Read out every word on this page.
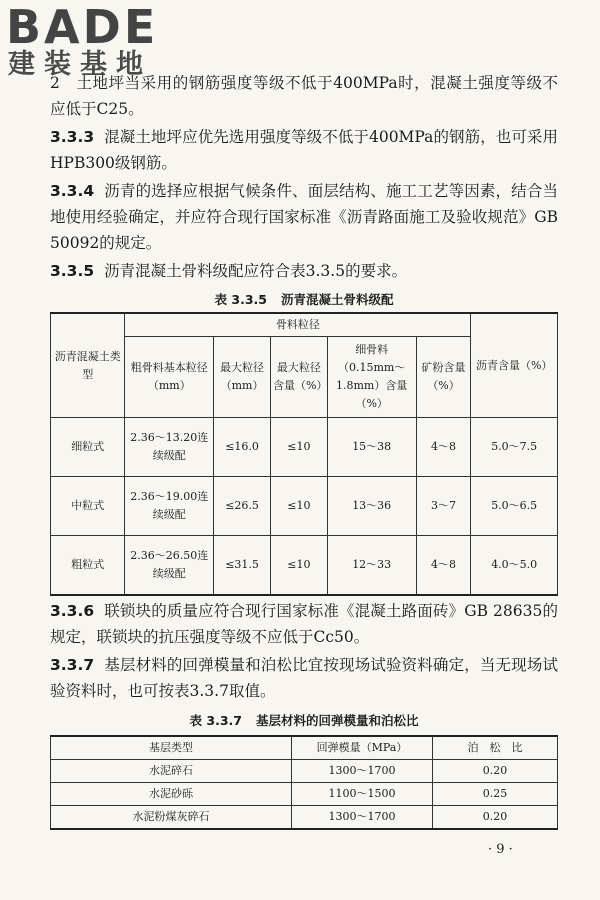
BADE
建装基地

2　土地坪当采用的钢筋强度等级不低于400MPa时，混凝土强度等级不应低于C25。

3.3.3 混凝土地坪应优先选用强度等级不低于400MPa的钢筋，也可采用HPB300级钢筋。

3.3.4 沥青的选择应根据气候条件、面层结构、施工工艺等因素，结合当地使用经验确定，并应符合现行国家标准《沥青路面施工及验收规范》GB 50092的规定。

3.3.5 沥青混凝土骨料级配应符合表3.3.5的要求。

表 3.3.5 沥青混凝土骨料级配
沥青混凝土类型	骨料粒径					沥青含量（%）
	粗骨料基本粒径（mm）	最大粒径（mm）	最大粒径含量（%）	细骨料（0.15mm～1.8mm）含量（%）	矿粉含量（%）	
细粒式	2.36～13.20连续级配	≤16.0	≤10	15～38	4～8	5.0～7.5
中粒式	2.36～19.00连续级配	≤26.5	≤10	13～36	3～7	5.0～6.5
粗粒式	2.36～26.50连续级配	≤31.5	≤10	12～33	4～8	4.0～5.0

3.3.6 联锁块的质量应符合现行国家标准《混凝土路面砖》GB 28635的规定，联锁块的抗压强度等级不应低于Cc50。

3.3.7 基层材料的回弹模量和泊松比宜按现场试验资料确定，当无现场试验资料时，也可按表3.3.7取值。

表 3.3.7 基层材料的回弹模量和泊松比
基层类型	回弹模量（MPa）	泊　松　比
水泥碎石	1300～1700	0.20
水泥砂砾	1100～1500	0.25
水泥粉煤灰碎石	1300～1700	0.20
· 9 ·
